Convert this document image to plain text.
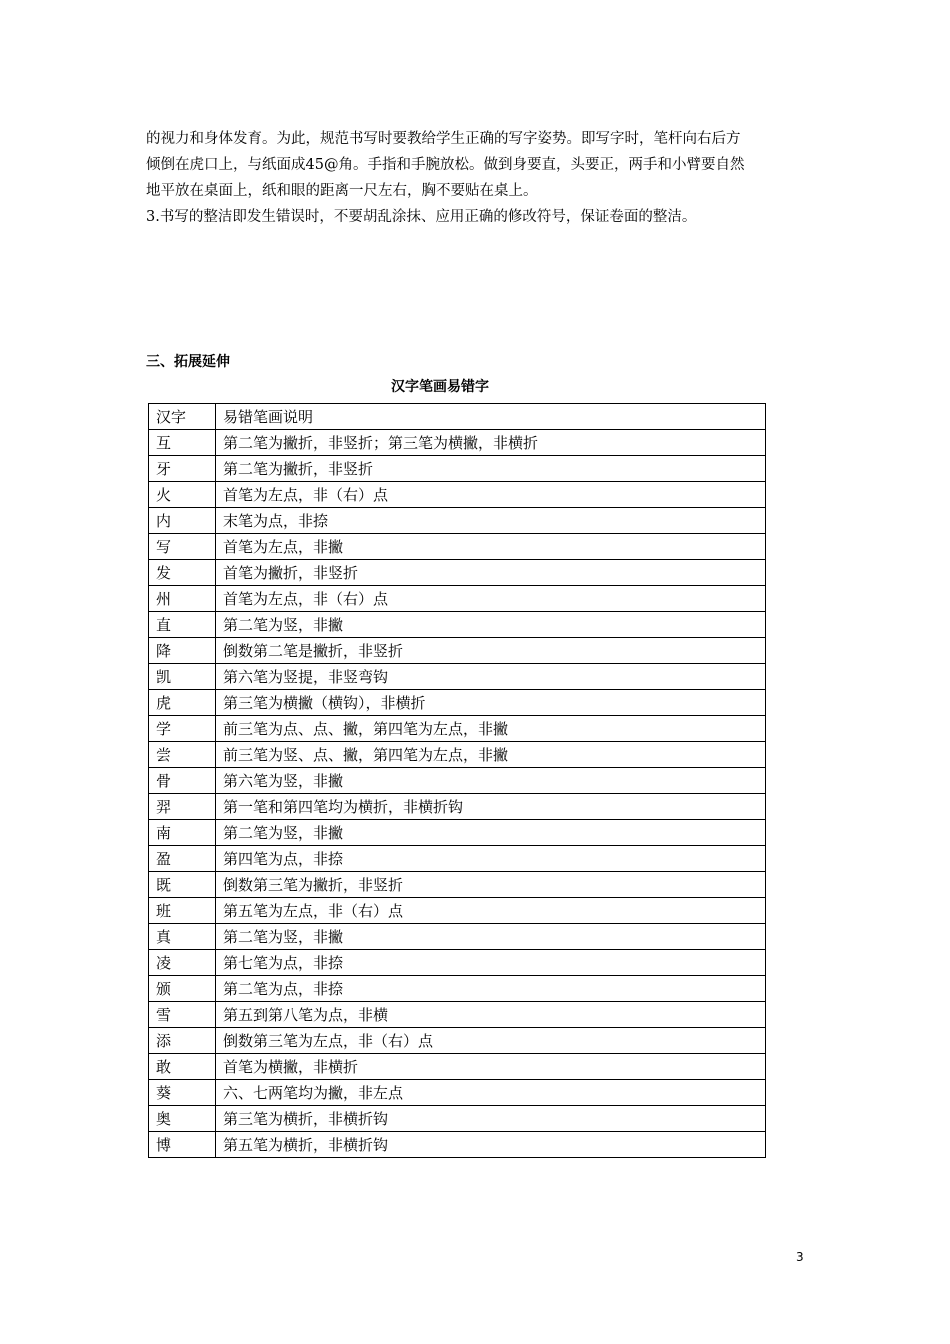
的视力和身体发育。为此，规范书写时要教给学生正确的写字姿势。即写字时，笔杆向右后方
倾倒在虎口上，与纸面成45@角。手指和手腕放松。做到身要直，头要正，两手和小臂要自然
地平放在桌面上，纸和眼的距离一尺左右，胸不要贴在桌上。
3.书写的整洁即发生错误时，不要胡乱涂抹、应用正确的修改符号，保证卷面的整洁。

三、拓展延伸
汉字笔画易错字
汉字	易错笔画说明
互	第二笔为撇折，非竖折；第三笔为横撇，非横折
牙	第二笔为撇折，非竖折
火	首笔为左点，非（右）点
内	末笔为点，非捺
写	首笔为左点，非撇
发	首笔为撇折，非竖折
州	首笔为左点，非（右）点
直	第二笔为竖，非撇
降	倒数第二笔是撇折，非竖折
凯	第六笔为竖提，非竖弯钩
虎	第三笔为横撇（横钩），非横折
学	前三笔为点、点、撇，第四笔为左点，非撇
尝	前三笔为竖、点、撇，第四笔为左点，非撇
骨	第六笔为竖，非撇
羿	第一笔和第四笔均为横折，非横折钩
南	第二笔为竖，非撇
盈	第四笔为点，非捺
既	倒数第三笔为撇折，非竖折
班	第五笔为左点，非（右）点
真	第二笔为竖，非撇
凌	第七笔为点，非捺
颁	第二笔为点，非捺
雪	第五到第八笔为点，非横
添	倒数第三笔为左点，非（右）点
敢	首笔为横撇，非横折
葵	六、七两笔均为撇，非左点
奥	第三笔为横折，非横折钩
博	第五笔为横折，非横折钩
3
